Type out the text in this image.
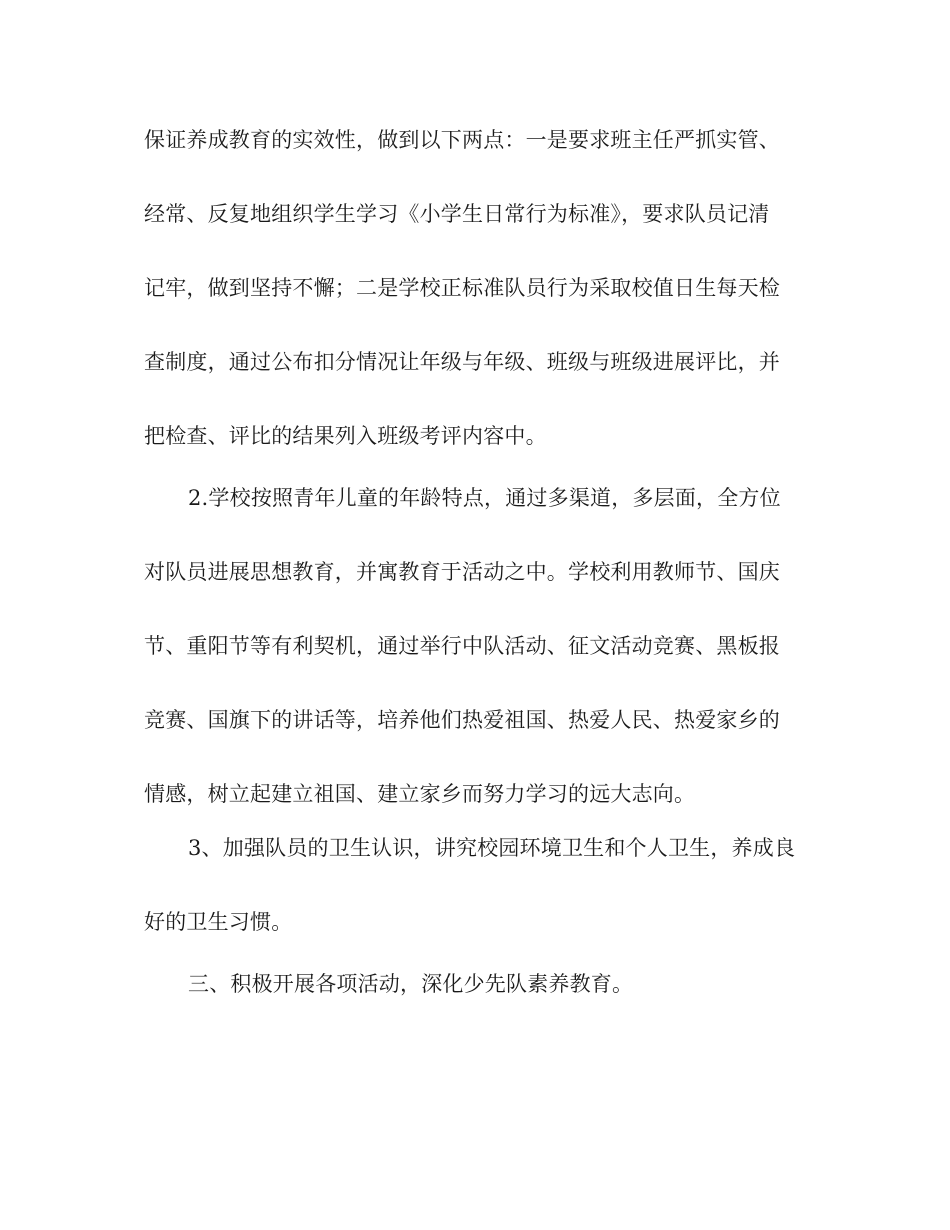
保证养成教育的实效性，做到以下两点：一是要求班主任严抓实管、
经常、反复地组织学生学习《小学生日常行为标准》，要求队员记清
记牢，做到坚持不懈；二是学校正标准队员行为采取校值日生每天检
查制度，通过公布扣分情况让年级与年级、班级与班级进展评比，并
把检查、评比的结果列入班级考评内容中。
2.学校按照青年儿童的年龄特点，通过多渠道，多层面，全方位
对队员进展思想教育，并寓教育于活动之中。学校利用教师节、国庆
节、重阳节等有利契机，通过举行中队活动、征文活动竞赛、黑板报
竞赛、国旗下的讲话等，培养他们热爱祖国、热爱人民、热爱家乡的
情感，树立起建立祖国、建立家乡而努力学习的远大志向。
3、加强队员的卫生认识，讲究校园环境卫生和个人卫生，养成良
好的卫生习惯。
三、积极开展各项活动，深化少先队素养教育。
